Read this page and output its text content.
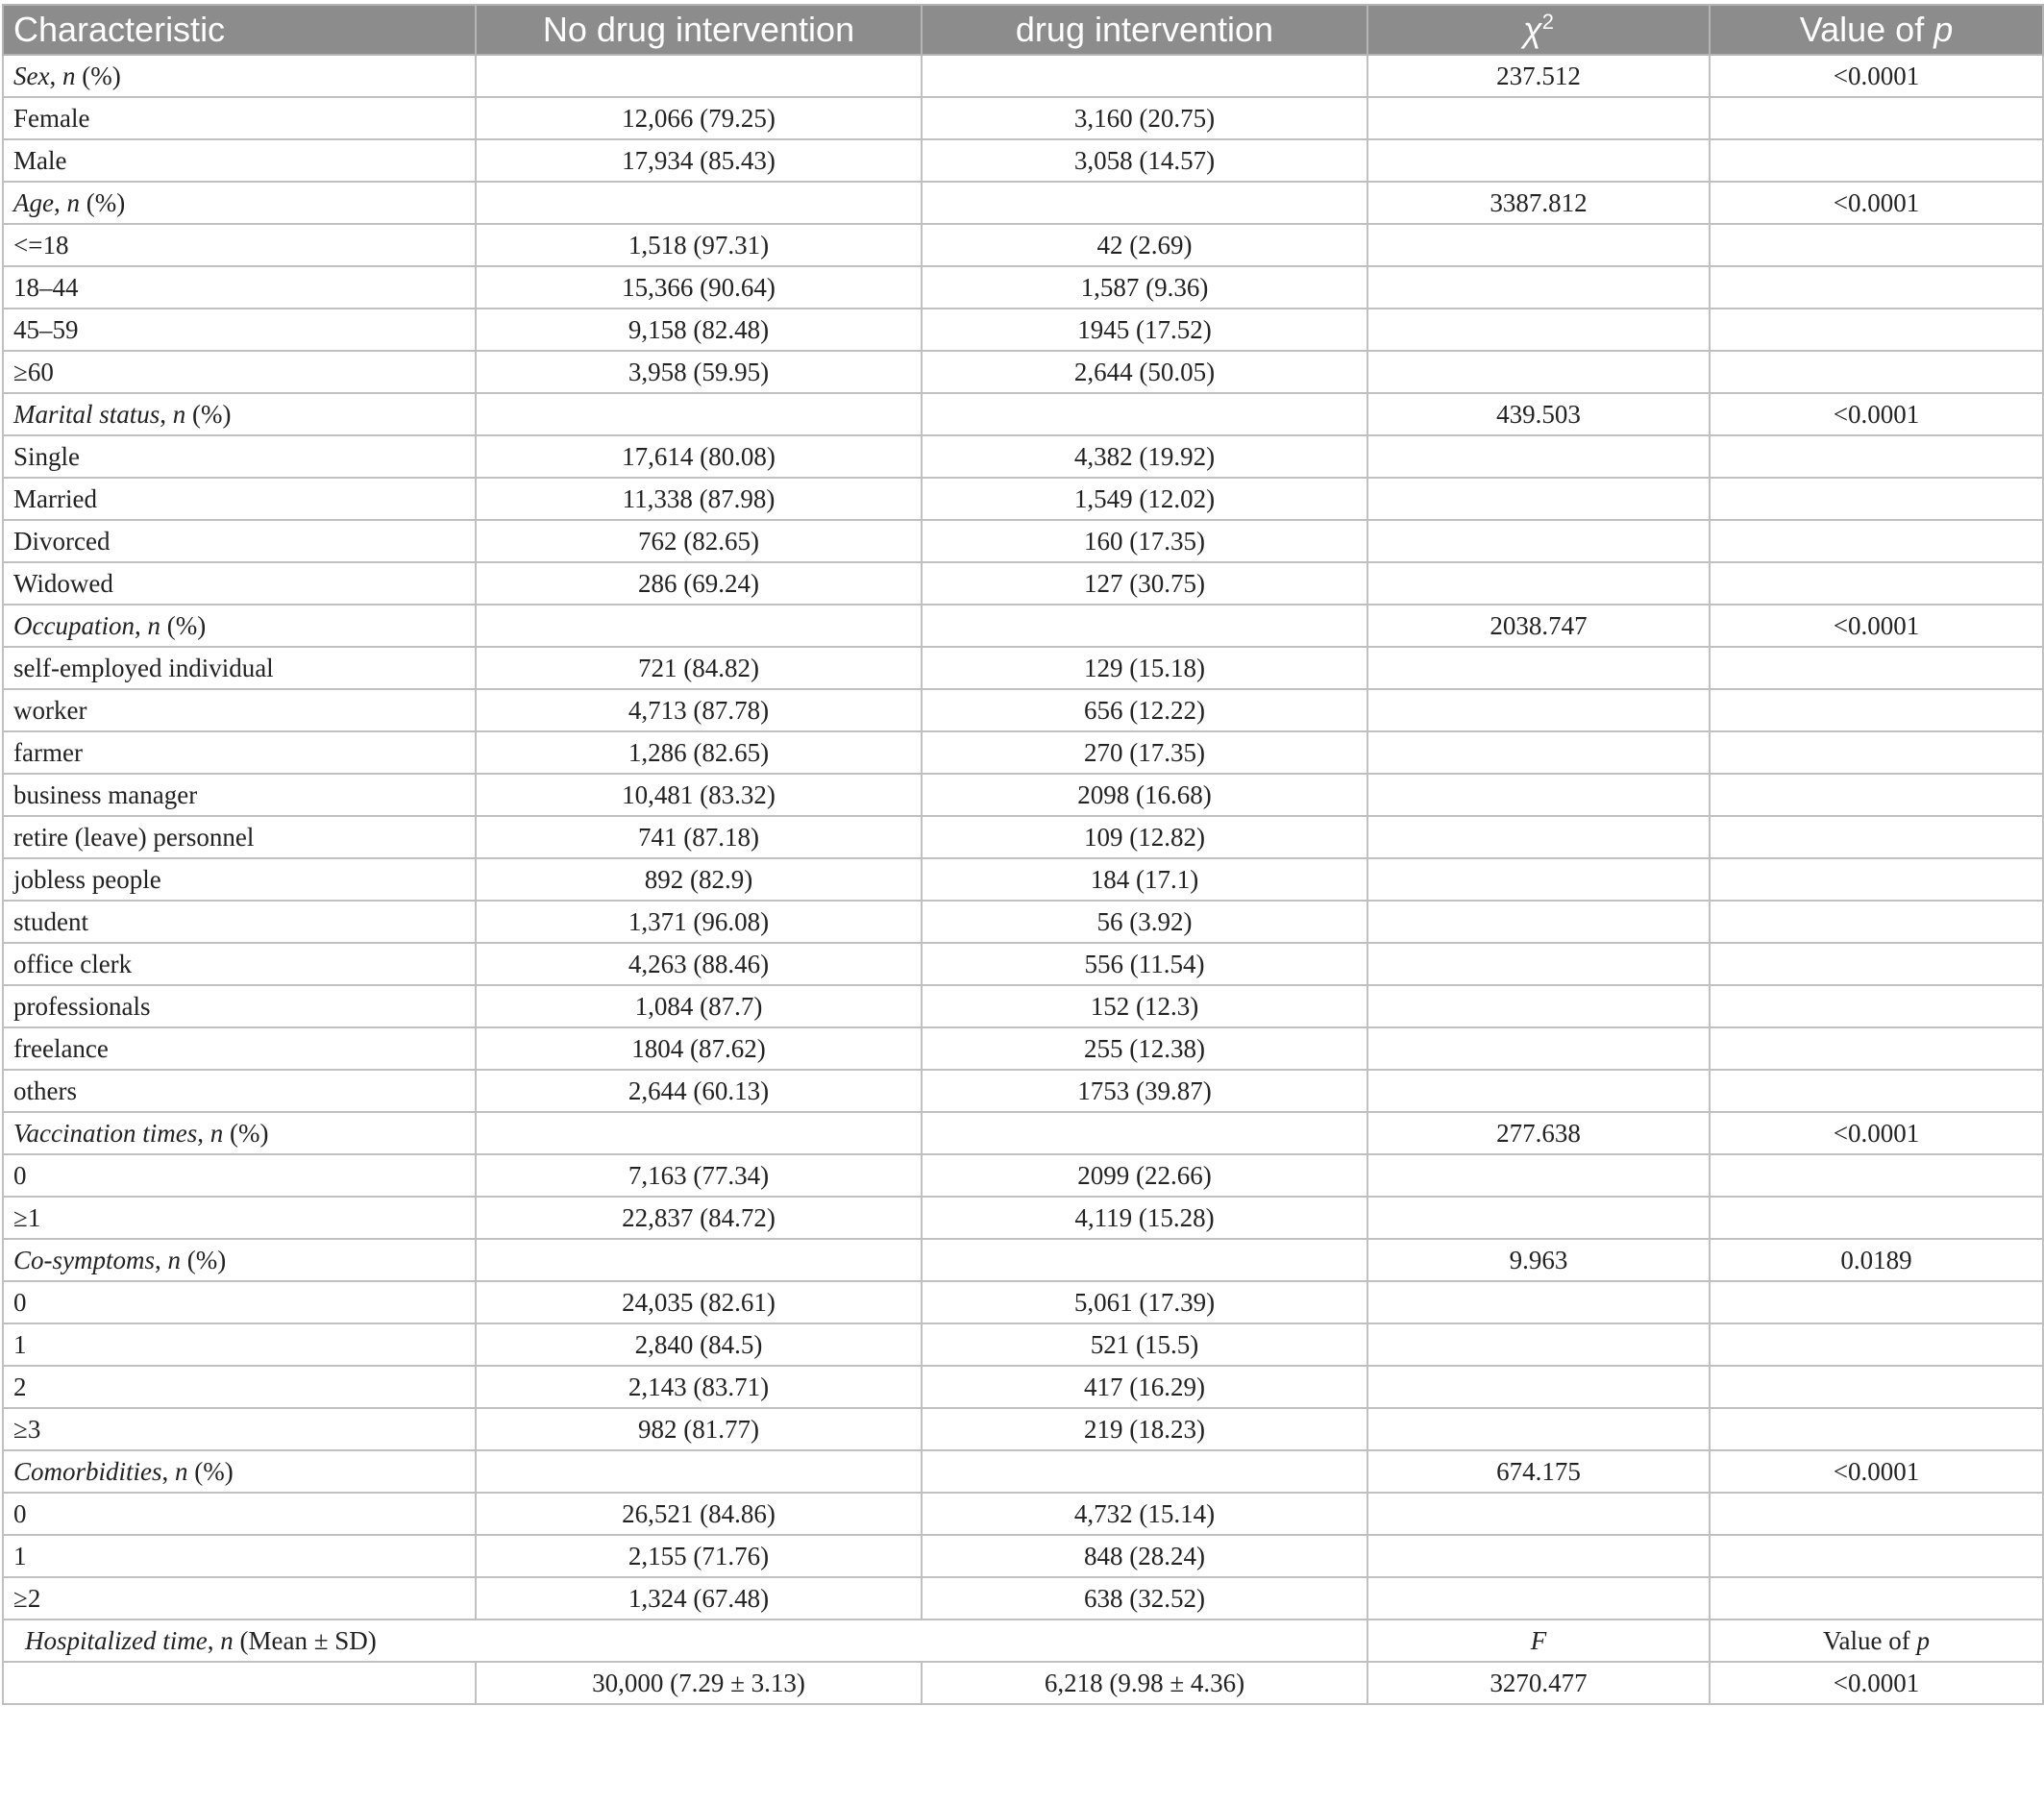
Characteristic	No drug intervention	drug intervention	$\chi^2$	Value of p
Sex, n (%)			237.512	<0.0001
Female	12,066 (79.25)	3,160 (20.75)		
Male	17,934 (85.43)	3,058 (14.57)		
Age, n (%)			3387.812	<0.0001
<=18	1,518 (97.31)	42 (2.69)		
18–44	15,366 (90.64)	1,587 (9.36)		
45–59	9,158 (82.48)	1945 (17.52)		
≥60	3,958 (59.95)	2,644 (50.05)		
Marital status, n (%)			439.503	<0.0001
Single	17,614 (80.08)	4,382 (19.92)		
Married	11,338 (87.98)	1,549 (12.02)		
Divorced	762 (82.65)	160 (17.35)		
Widowed	286 (69.24)	127 (30.75)		
Occupation, n (%)			2038.747	<0.0001
self-employed individual	721 (84.82)	129 (15.18)		
worker	4,713 (87.78)	656 (12.22)		
farmer	1,286 (82.65)	270 (17.35)		
business manager	10,481 (83.32)	2098 (16.68)		
retire (leave) personnel	741 (87.18)	109 (12.82)		
jobless people	892 (82.9)	184 (17.1)		
student	1,371 (96.08)	56 (3.92)		
office clerk	4,263 (88.46)	556 (11.54)		
professionals	1,084 (87.7)	152 (12.3)		
freelance	1804 (87.62)	255 (12.38)		
others	2,644 (60.13)	1753 (39.87)		
Vaccination times, n (%)			277.638	<0.0001
0	7,163 (77.34)	2099 (22.66)		
≥1	22,837 (84.72)	4,119 (15.28)		
Co-symptoms, n (%)			9.963	0.0189
0	24,035 (82.61)	5,061 (17.39)		
1	2,840 (84.5)	521 (15.5)		
2	2,143 (83.71)	417 (16.29)		
≥3	982 (81.77)	219 (18.23)		
Comorbidities, n (%)			674.175	<0.0001
0	26,521 (84.86)	4,732 (15.14)		
1	2,155 (71.76)	848 (28.24)		
≥2	1,324 (67.48)	638 (32.52)		
Hospitalized time, n (Mean ± SD)			F	Value of p
	30,000 (7.29 ± 3.13)	6,218 (9.98 ± 4.36)	3270.477	<0.0001
